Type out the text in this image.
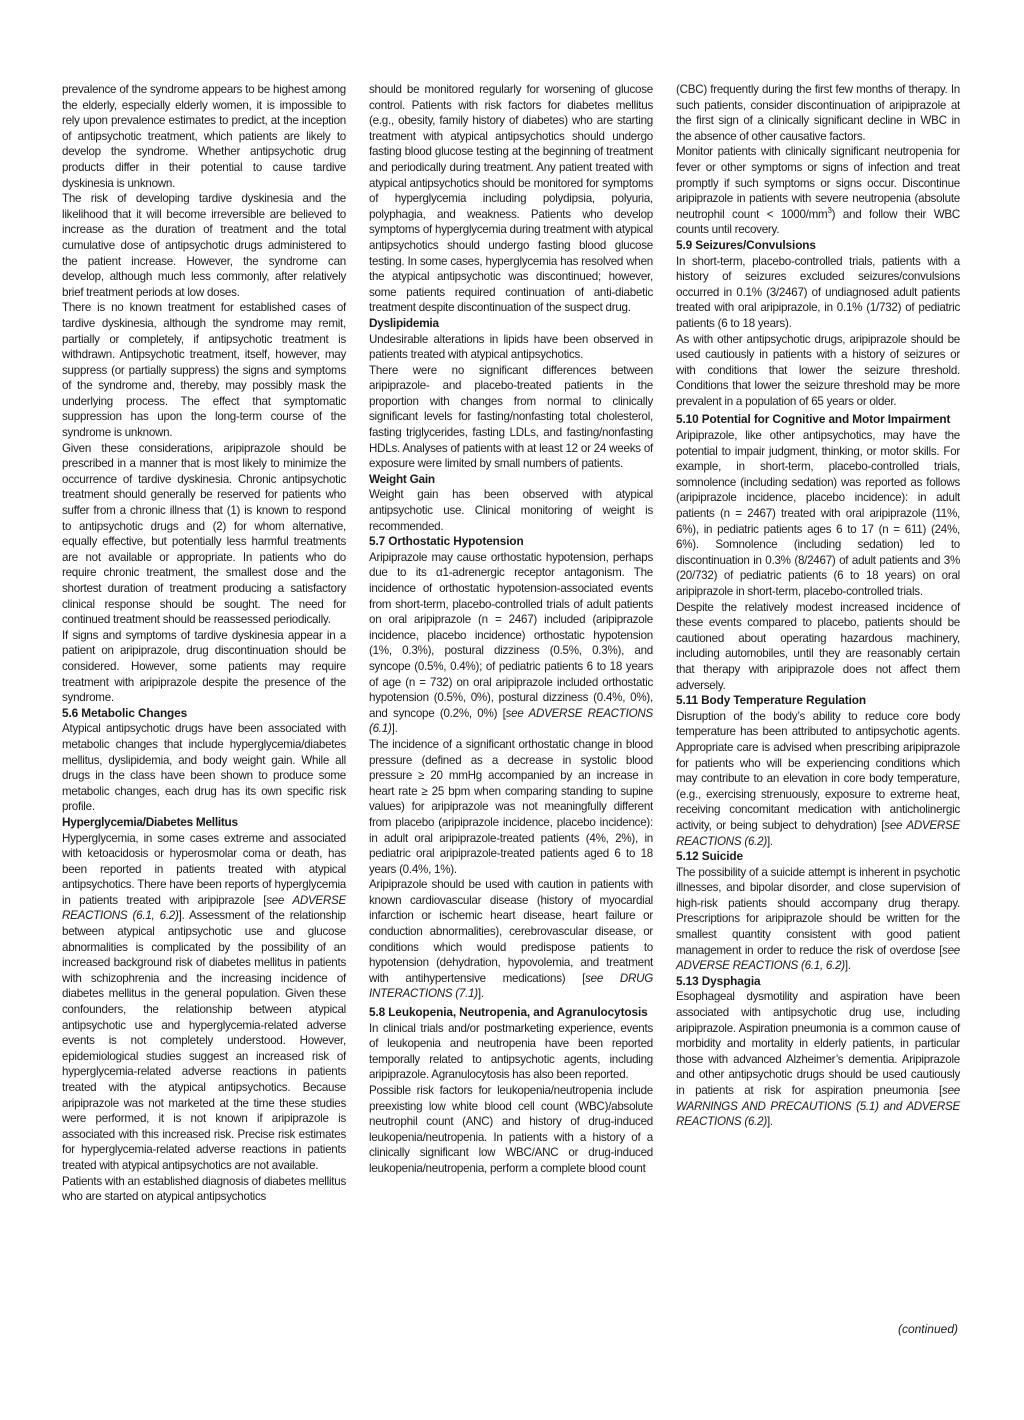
prevalence of the syndrome appears to be highest among the elderly, especially elderly women, it is impossible to rely upon prevalence estimates to predict, at the inception of antipsychotic treatment, which patients are likely to develop the syndrome. Whether antipsychotic drug products differ in their potential to cause tardive dyskinesia is unknown.

The risk of developing tardive dyskinesia and the likelihood that it will become irreversible are believed to increase as the duration of treatment and the total cumulative dose of antipsychotic drugs administered to the patient increase. However, the syndrome can develop, although much less commonly, after relatively brief treatment periods at low doses.

There is no known treatment for established cases of tardive dyskinesia, although the syndrome may remit, partially or completely, if antipsychotic treatment is withdrawn. Antipsychotic treatment, itself, however, may suppress (or partially suppress) the signs and symptoms of the syndrome and, thereby, may possibly mask the underlying process. The effect that symptomatic suppression has upon the long-term course of the syndrome is unknown.

Given these considerations, aripiprazole should be prescribed in a manner that is most likely to minimize the occurrence of tardive dyskinesia. Chronic antipsychotic treatment should generally be reserved for patients who suffer from a chronic illness that (1) is known to respond to antipsychotic drugs and (2) for whom alternative, equally effective, but potentially less harmful treatments are not available or appropriate. In patients who do require chronic treatment, the smallest dose and the shortest duration of treatment producing a satisfactory clinical response should be sought. The need for continued treatment should be reassessed periodically.

If signs and symptoms of tardive dyskinesia appear in a patient on aripiprazole, drug discontinuation should be considered. However, some patients may require treatment with aripiprazole despite the presence of the syndrome.

5.6 Metabolic Changes

Atypical antipsychotic drugs have been associated with metabolic changes that include hyperglycemia/diabetes mellitus, dyslipidemia, and body weight gain. While all drugs in the class have been shown to produce some metabolic changes, each drug has its own specific risk profile.

Hyperglycemia/Diabetes Mellitus

Hyperglycemia, in some cases extreme and associated with ketoacidosis or hyperosmolar coma or death, has been reported in patients treated with atypical antipsychotics. There have been reports of hyperglycemia in patients treated with aripiprazole [see ADVERSE REACTIONS (6.1, 6.2)]. Assessment of the relationship between atypical antipsychotic use and glucose abnormalities is complicated by the possibility of an increased background risk of diabetes mellitus in patients with schizophrenia and the increasing incidence of diabetes mellitus in the general population. Given these confounders, the relationship between atypical antipsychotic use and hyperglycemia-related adverse events is not completely understood. However, epidemiological studies suggest an increased risk of hyperglycemia-related adverse reactions in patients treated with the atypical antipsychotics. Because aripiprazole was not marketed at the time these studies were performed, it is not known if aripiprazole is associated with this increased risk. Precise risk estimates for hyperglycemia-related adverse reactions in patients treated with atypical antipsychotics are not available.

Patients with an established diagnosis of diabetes mellitus who are started on atypical antipsychotics

should be monitored regularly for worsening of glucose control. Patients with risk factors for diabetes mellitus (e.g., obesity, family history of diabetes) who are starting treatment with atypical antipsychotics should undergo fasting blood glucose testing at the beginning of treatment and periodically during treatment. Any patient treated with atypical antipsychotics should be monitored for symptoms of hyperglycemia including polydipsia, polyuria, polyphagia, and weakness. Patients who develop symptoms of hyperglycemia during treatment with atypical antipsychotics should undergo fasting blood glucose testing. In some cases, hyperglycemia has resolved when the atypical antipsychotic was discontinued; however, some patients required continuation of anti-diabetic treatment despite discontinuation of the suspect drug.

Dyslipidemia

Undesirable alterations in lipids have been observed in patients treated with atypical antipsychotics.

There were no significant differences between aripiprazole- and placebo-treated patients in the proportion with changes from normal to clinically significant levels for fasting/nonfasting total cholesterol, fasting triglycerides, fasting LDLs, and fasting/nonfasting HDLs. Analyses of patients with at least 12 or 24 weeks of exposure were limited by small numbers of patients.

Weight Gain

Weight gain has been observed with atypical antipsychotic use. Clinical monitoring of weight is recommended.

5.7 Orthostatic Hypotension

Aripiprazole may cause orthostatic hypotension, perhaps due to its α1-adrenergic receptor antagonism. The incidence of orthostatic hypotension-associated events from short-term, placebo-controlled trials of adult patients on oral aripiprazole (n = 2467) included (aripiprazole incidence, placebo incidence) orthostatic hypotension (1%, 0.3%), postural dizziness (0.5%, 0.3%), and syncope (0.5%, 0.4%); of pediatric patients 6 to 18 years of age (n = 732) on oral aripiprazole included orthostatic hypotension (0.5%, 0%), postural dizziness (0.4%, 0%), and syncope (0.2%, 0%) [see ADVERSE REACTIONS (6.1)].

The incidence of a significant orthostatic change in blood pressure (defined as a decrease in systolic blood pressure ≥ 20 mmHg accompanied by an increase in heart rate ≥ 25 bpm when comparing standing to supine values) for aripiprazole was not meaningfully different from placebo (aripiprazole incidence, placebo incidence): in adult oral aripiprazole-treated patients (4%, 2%), in pediatric oral aripiprazole-treated patients aged 6 to 18 years (0.4%, 1%).

Aripiprazole should be used with caution in patients with known cardiovascular disease (history of myocardial infarction or ischemic heart disease, heart failure or conduction abnormalities), cerebrovascular disease, or conditions which would predispose patients to hypotension (dehydration, hypovolemia, and treatment with antihypertensive medications) [see DRUG INTERACTIONS (7.1)].

5.8 Leukopenia, Neutropenia, and Agranulocytosis

In clinical trials and/or postmarketing experience, events of leukopenia and neutropenia have been reported temporally related to antipsychotic agents, including aripiprazole. Agranulocytosis has also been reported.

Possible risk factors for leukopenia/neutropenia include preexisting low white blood cell count (WBC)/absolute neutrophil count (ANC) and history of drug-induced leukopenia/neutropenia. In patients with a history of a clinically significant low WBC/ANC or drug-induced leukopenia/neutropenia, perform a complete blood count

(CBC) frequently during the first few months of therapy. In such patients, consider discontinuation of aripiprazole at the first sign of a clinically significant decline in WBC in the absence of other causative factors.

Monitor patients with clinically significant neutropenia for fever or other symptoms or signs of infection and treat promptly if such symptoms or signs occur. Discontinue aripiprazole in patients with severe neutropenia (absolute neutrophil count < $1000/mm^3$) and follow their WBC counts until recovery.

5.9 Seizures/Convulsions

In short-term, placebo-controlled trials, patients with a history of seizures excluded seizures/convulsions occurred in 0.1% (3/2467) of undiagnosed adult patients treated with oral aripiprazole, in 0.1% (1/732) of pediatric patients (6 to 18 years).

As with other antipsychotic drugs, aripiprazole should be used cautiously in patients with a history of seizures or with conditions that lower the seizure threshold. Conditions that lower the seizure threshold may be more prevalent in a population of 65 years or older.

5.10 Potential for Cognitive and Motor Impairment

Aripiprazole, like other antipsychotics, may have the potential to impair judgment, thinking, or motor skills. For example, in short-term, placebo-controlled trials, somnolence (including sedation) was reported as follows (aripiprazole incidence, placebo incidence): in adult patients (n = 2467) treated with oral aripiprazole (11%, 6%), in pediatric patients ages 6 to 17 (n = 611) (24%, 6%). Somnolence (including sedation) led to discontinuation in 0.3% (8/2467) of adult patients and 3% (20/732) of pediatric patients (6 to 18 years) on oral aripiprazole in short-term, placebo-controlled trials.

Despite the relatively modest increased incidence of these events compared to placebo, patients should be cautioned about operating hazardous machinery, including automobiles, until they are reasonably certain that therapy with aripiprazole does not affect them adversely.

5.11 Body Temperature Regulation

Disruption of the body’s ability to reduce core body temperature has been attributed to antipsychotic agents. Appropriate care is advised when prescribing aripiprazole for patients who will be experiencing conditions which may contribute to an elevation in core body temperature, (e.g., exercising strenuously, exposure to extreme heat, receiving concomitant medication with anticholinergic activity, or being subject to dehydration) [see ADVERSE REACTIONS (6.2)].

5.12 Suicide

The possibility of a suicide attempt is inherent in psychotic illnesses, and bipolar disorder, and close supervision of high-risk patients should accompany drug therapy. Prescriptions for aripiprazole should be written for the smallest quantity consistent with good patient management in order to reduce the risk of overdose [see ADVERSE REACTIONS (6.1, 6.2)].

5.13 Dysphagia

Esophageal dysmotility and aspiration have been associated with antipsychotic drug use, including aripiprazole. Aspiration pneumonia is a common cause of morbidity and mortality in elderly patients, in particular those with advanced Alzheimer’s dementia. Aripiprazole and other antipsychotic drugs should be used cautiously in patients at risk for aspiration pneumonia [see WARNINGS AND PRECAUTIONS (5.1) and ADVERSE REACTIONS (6.2)].

(continued)
